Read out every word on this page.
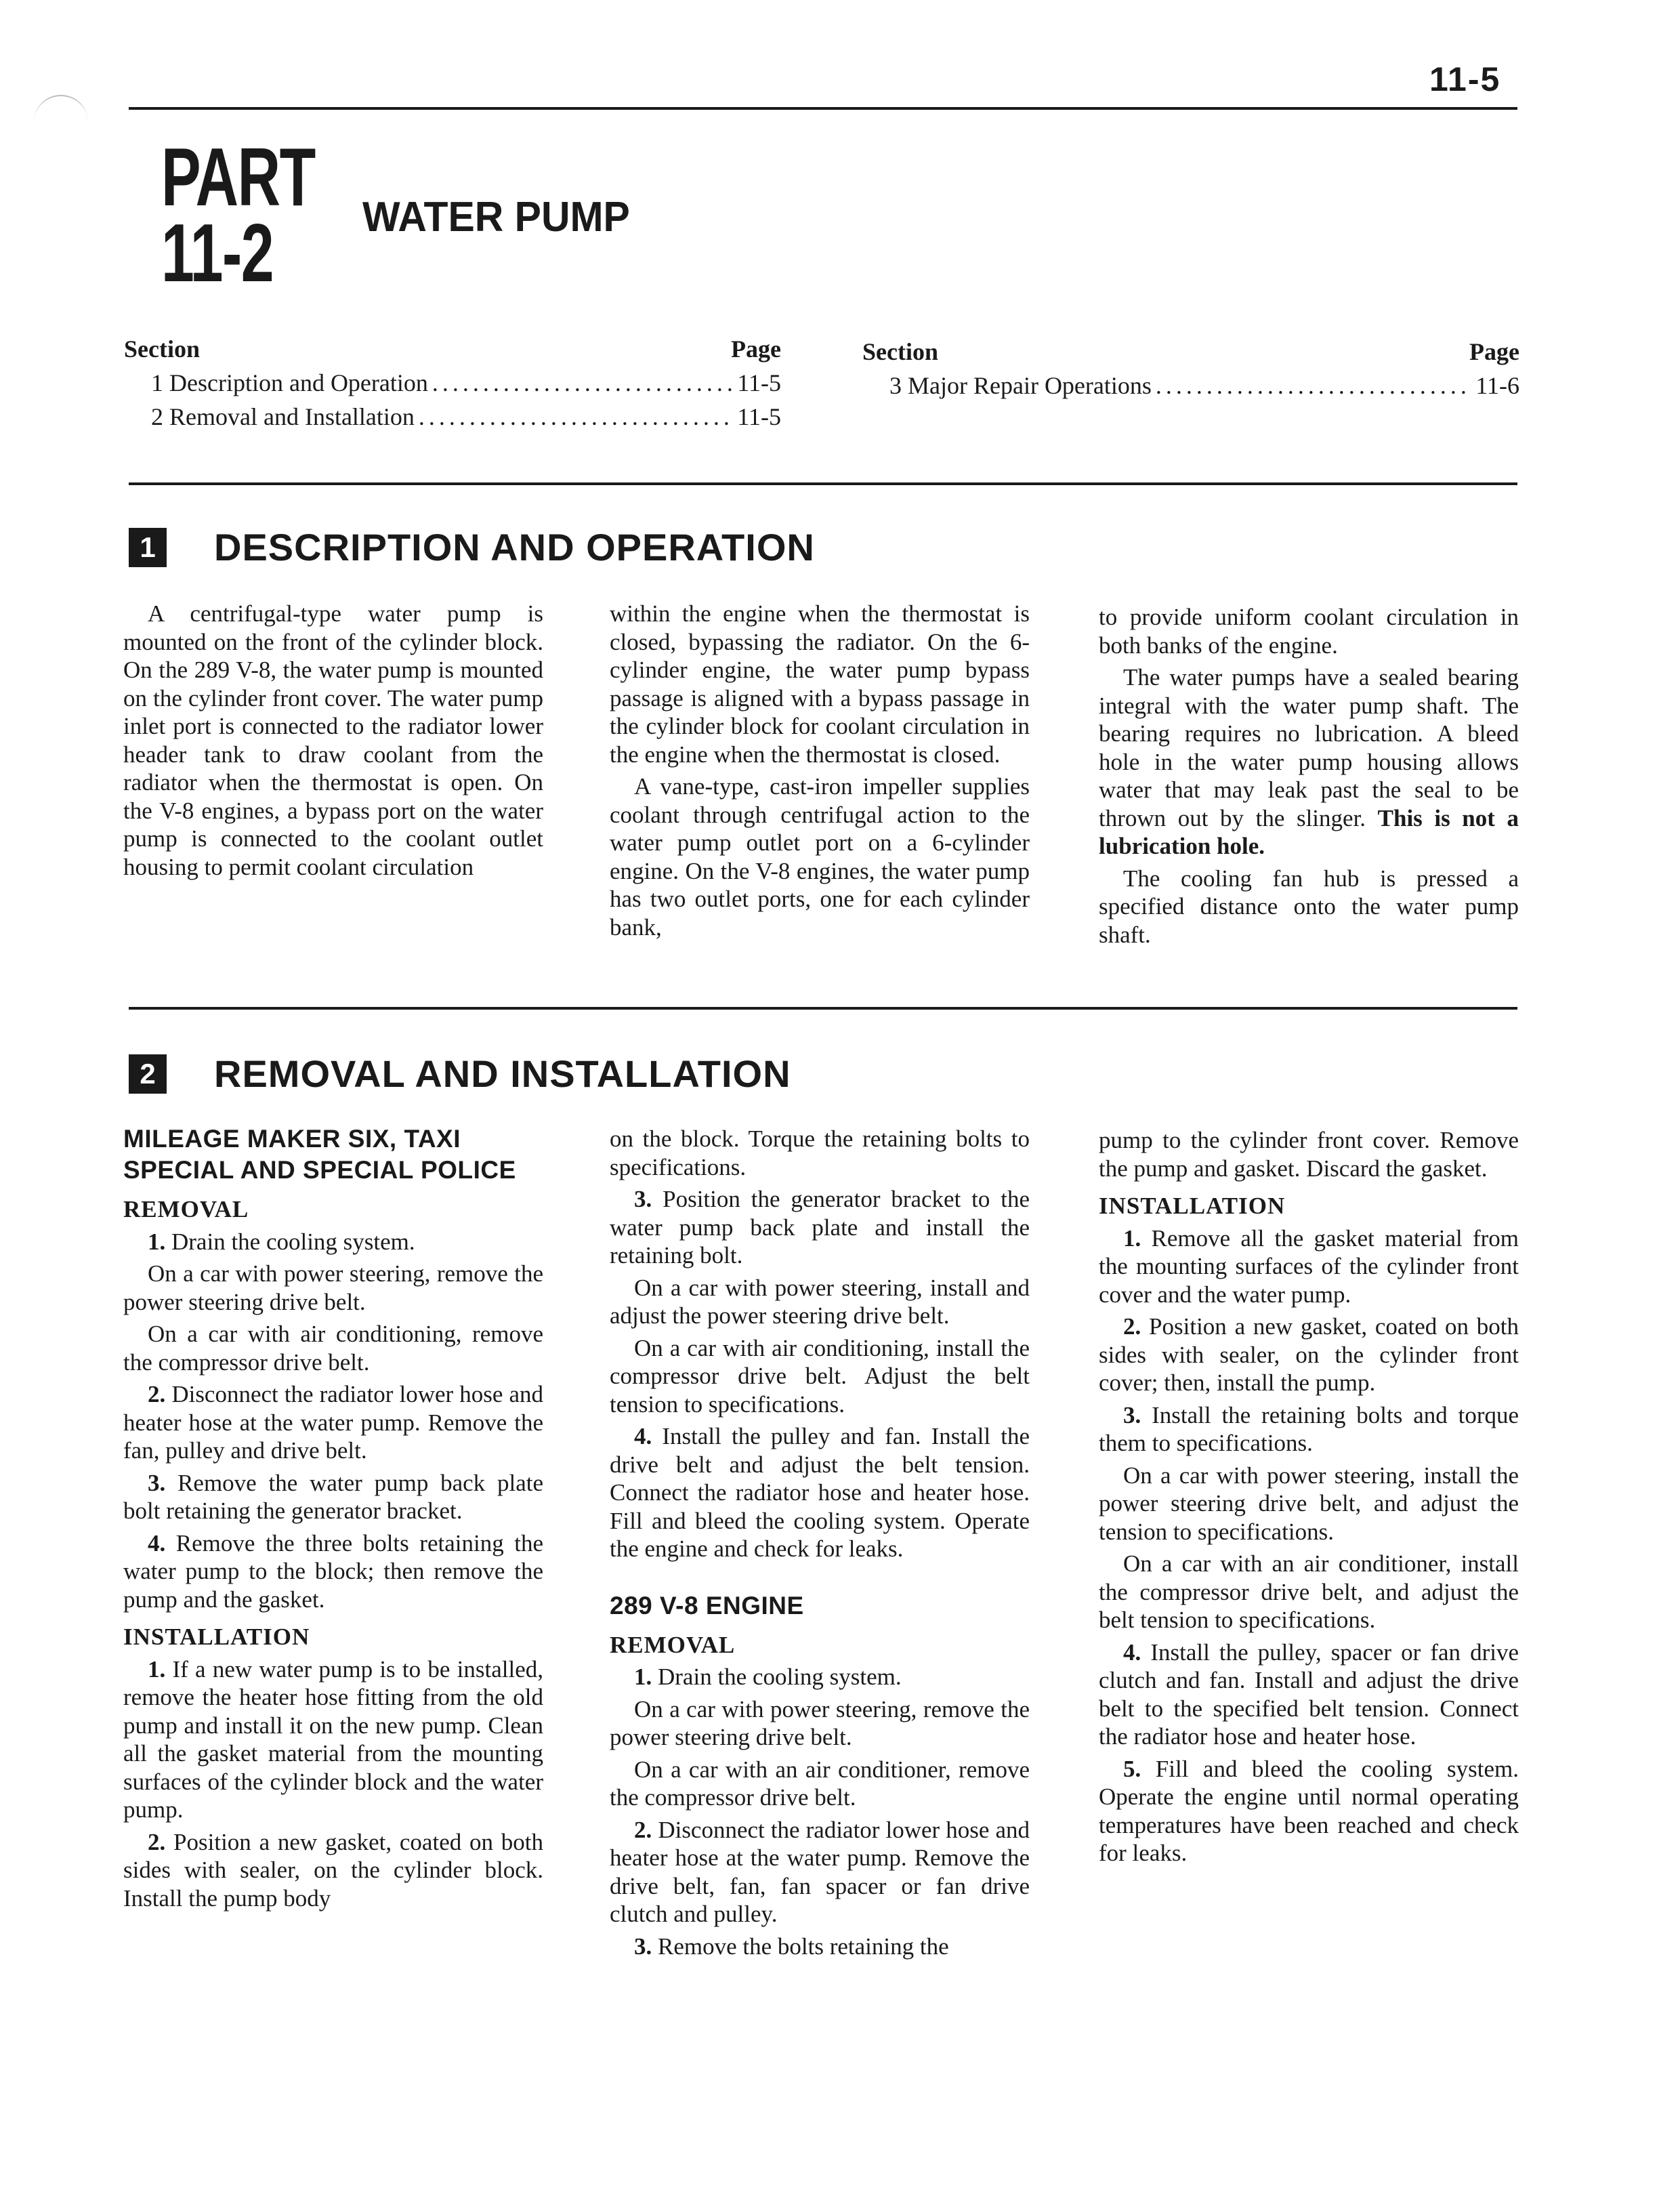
11-5
PART
11-2	WATER PUMP
Section	Page
1 Description and Operation .....	11-5
2 Removal and Installation .....	11-5
Section	Page
3 Major Repair Operations .....	11-6
1 DESCRIPTION AND OPERATION

A centrifugal-type water pump is mounted on the front of the cylinder block. On the 289 V-8, the water pump is mounted on the cylinder front cover. The water pump inlet port is connected to the radiator lower header tank to draw coolant from the radiator when the thermostat is open. On the V-8 engines, a bypass port on the water pump is connected to the coolant outlet housing to permit coolant circulation

within the engine when the thermostat is closed, bypassing the radiator. On the 6-cylinder engine, the water pump bypass passage is aligned with a bypass passage in the cylinder block for coolant circulation in the engine when the thermostat is closed.

A vane-type, cast-iron impeller supplies coolant through centrifugal action to the water pump outlet port on a 6-cylinder engine. On the V-8 engines, the water pump has two outlet ports, one for each cylinder bank,

to provide uniform coolant circulation in both banks of the engine.

The water pumps have a sealed bearing integral with the water pump shaft. The bearing requires no lubrication. A bleed hole in the water pump housing allows water that may leak past the seal to be thrown out by the slinger. This is not a lubrication hole.

The cooling fan hub is pressed a specified distance onto the water pump shaft.

2 REMOVAL AND INSTALLATION
MILEAGE MAKER SIX, TAXI SPECIAL AND SPECIAL POLICE
REMOVAL

1. Drain the cooling system.

On a car with power steering, remove the power steering drive belt.

On a car with air conditioning, remove the compressor drive belt.

2. Disconnect the radiator lower hose and heater hose at the water pump. Remove the fan, pulley and drive belt.

3. Remove the water pump back plate bolt retaining the generator bracket.

4. Remove the three bolts retaining the water pump to the block; then remove the pump and the gasket.

INSTALLATION

1. If a new water pump is to be installed, remove the heater hose fitting from the old pump and install it on the new pump. Clean all the gasket material from the mounting surfaces of the cylinder block and the water pump.

2. Position a new gasket, coated on both sides with sealer, on the cylinder block. Install the pump body

on the block. Torque the retaining bolts to specifications.

3. Position the generator bracket to the water pump back plate and install the retaining bolt.

On a car with power steering, install and adjust the power steering drive belt.

On a car with air conditioning, install the compressor drive belt. Adjust the belt tension to specifications.

4. Install the pulley and fan. Install the drive belt and adjust the belt tension. Connect the radiator hose and heater hose. Fill and bleed the cooling system. Operate the engine and check for leaks.

289 V-8 ENGINE
REMOVAL

1. Drain the cooling system.

On a car with power steering, remove the power steering drive belt.

On a car with an air conditioner, remove the compressor drive belt.

2. Disconnect the radiator lower hose and heater hose at the water pump. Remove the drive belt, fan, fan spacer or fan drive clutch and pulley.

3. Remove the bolts retaining the

pump to the cylinder front cover. Remove the pump and gasket. Discard the gasket.

INSTALLATION

1. Remove all the gasket material from the mounting surfaces of the cylinder front cover and the water pump.

2. Position a new gasket, coated on both sides with sealer, on the cylinder front cover; then, install the pump.

3. Install the retaining bolts and torque them to specifications.

On a car with power steering, install the power steering drive belt, and adjust the tension to specifications.

On a car with an air conditioner, install the compressor drive belt, and adjust the belt tension to specifications.

4. Install the pulley, spacer or fan drive clutch and fan. Install and adjust the drive belt to the specified belt tension. Connect the radiator hose and heater hose.

5. Fill and bleed the cooling system. Operate the engine until normal operating temperatures have been reached and check for leaks.
